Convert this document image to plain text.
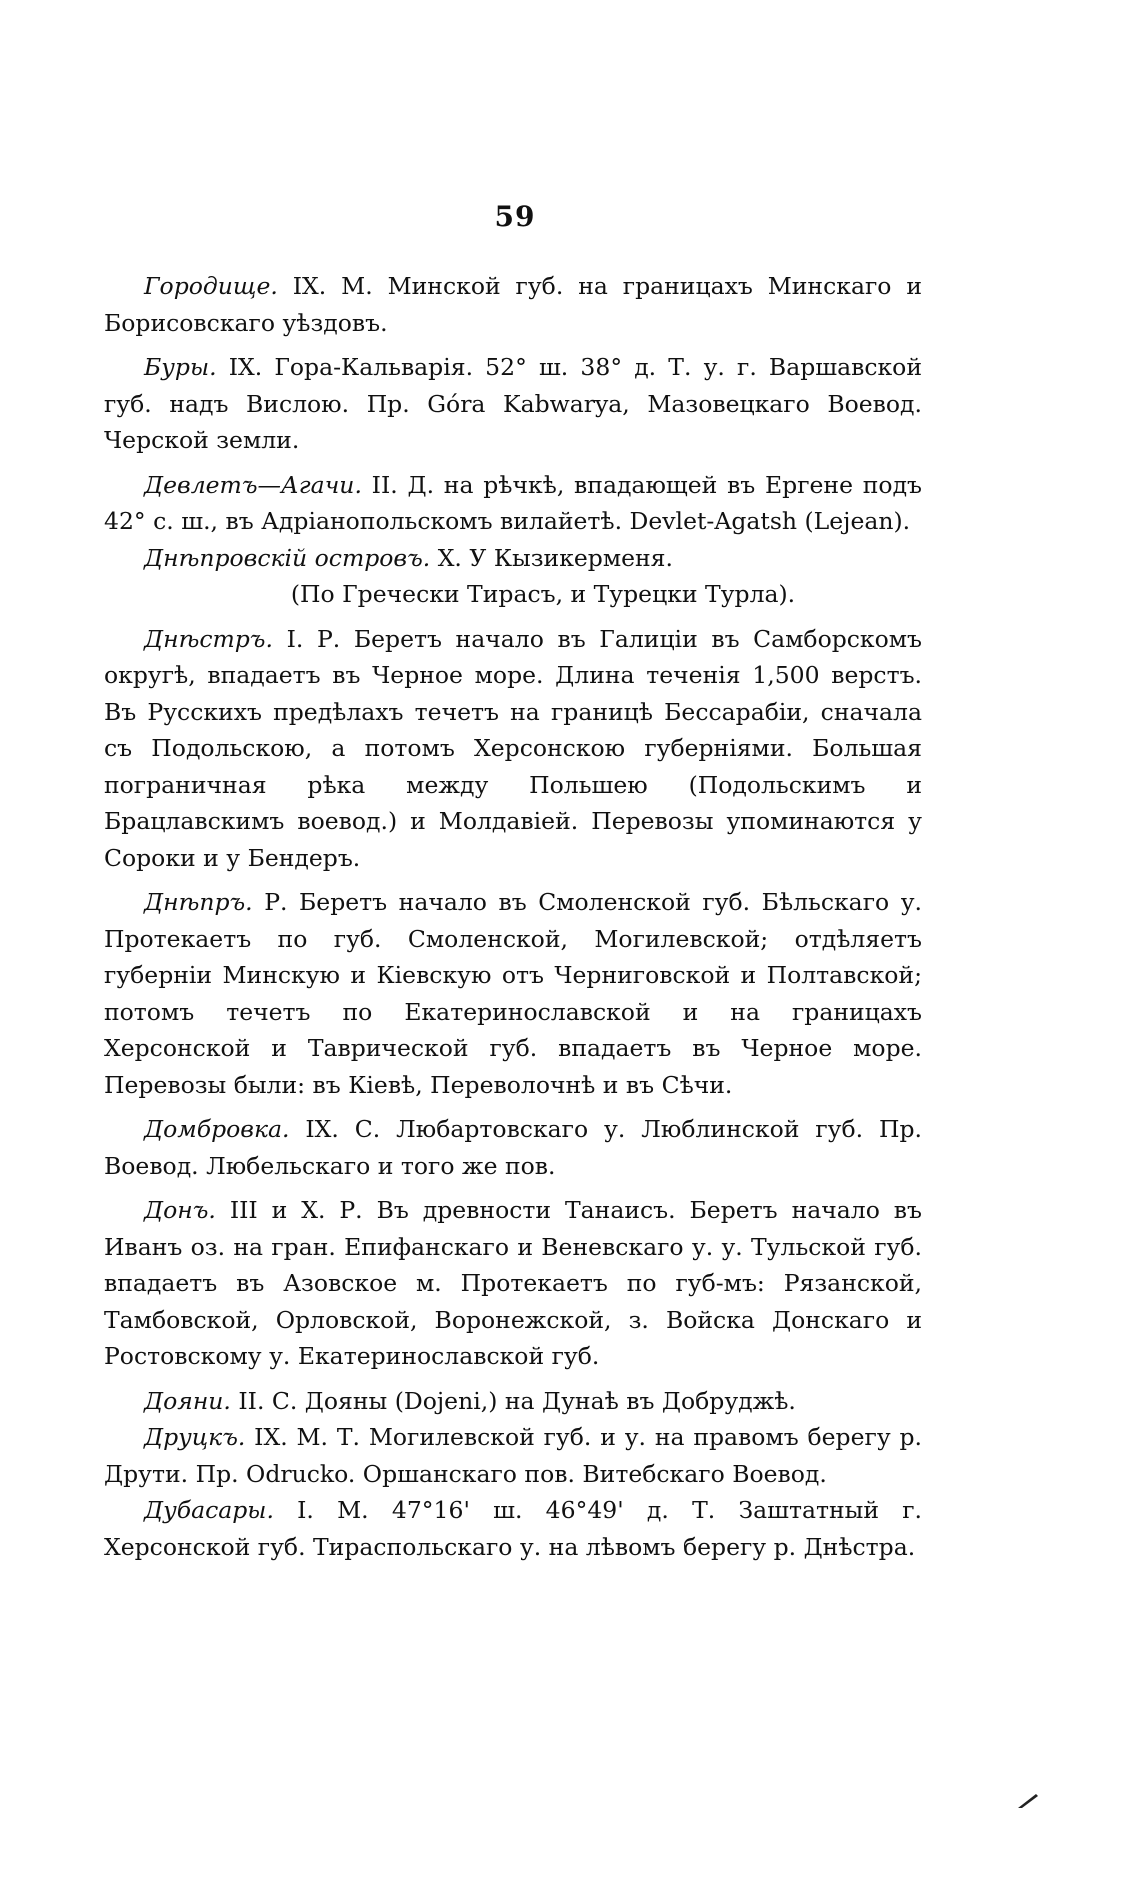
59

Городище. IX. М. Минской губ. на границахъ Минскаго и Борисовскаго уѣздовъ.

Буры. IX. Гора-Кальварія. 52° ш. 38° д. Т. у. г. Варшавской губ. надъ Вислою. Пр. Góra Kabwarya, Мазовецкаго Воевод. Черской земли.

Девлетъ—Агачи. II. Д. на рѣчкѣ, впадающей въ Ергене подъ 42° с. ш., въ Адріанопольскомъ вилайетѣ. Devlet-Agatsh (Lejean).

Днѣпровскій островъ. X. У Кызикерменя.

(По Гречески Тирасъ, и Турецки Турла).

Днѣстръ. I. Р. Беретъ начало въ Галиціи въ Самборскомъ округѣ, впадаетъ въ Черное море. Длина теченія 1,500 верстъ. Въ Русскихъ предѣлахъ течетъ на границѣ Бессарабіи, сначала съ Подольскою, а потомъ Херсонскою губерніями. Большая пограничная рѣка между Польшею (Подольскимъ и Брацлавскимъ воевод.) и Молдавіей. Перевозы упоминаются у Сороки и у Бендеръ.

Днѣпръ. Р. Беретъ начало въ Смоленской губ. Бѣльскаго у. Протекаетъ по губ. Смоленской, Могилевской; отдѣляетъ губерніи Минскую и Кіевскую отъ Черниговской и Полтавской; потомъ течетъ по Екатеринославской и на границахъ Херсонской и Таврической губ. впадаетъ въ Черное море. Перевозы были: въ Кіевѣ, Переволочнѣ и въ Сѣчи.

Домбровка. IX. С. Любартовскаго у. Люблинской губ. Пр. Воевод. Любельскаго и того же пов.

Донъ. III и X. Р. Въ древности Танаисъ. Беретъ начало въ Иванъ оз. на гран. Епифанскаго и Веневскаго у. у. Тульской губ. впадаетъ въ Азовское м. Протекаетъ по губ-мъ: Рязанской, Тамбовской, Орловской, Воронежской, з. Войска Донскаго и Ростовскому у. Екатеринославской губ.

Дояни. II. С. Дояны (Dojeni,) на Дунаѣ въ Добруджѣ.

Друцкъ. IX. М. Т. Могилевской губ. и у. на правомъ берегу р. Друти. Пр. Odrucko. Оршанскаго пов. Витебскаго Воевод.

Дубасары. I. М. 47°16' ш. 46°49' д. Т. Заштатный г. Херсонской губ. Тираспольскаго у. на лѣвомъ берегу р. Днѣстра.
